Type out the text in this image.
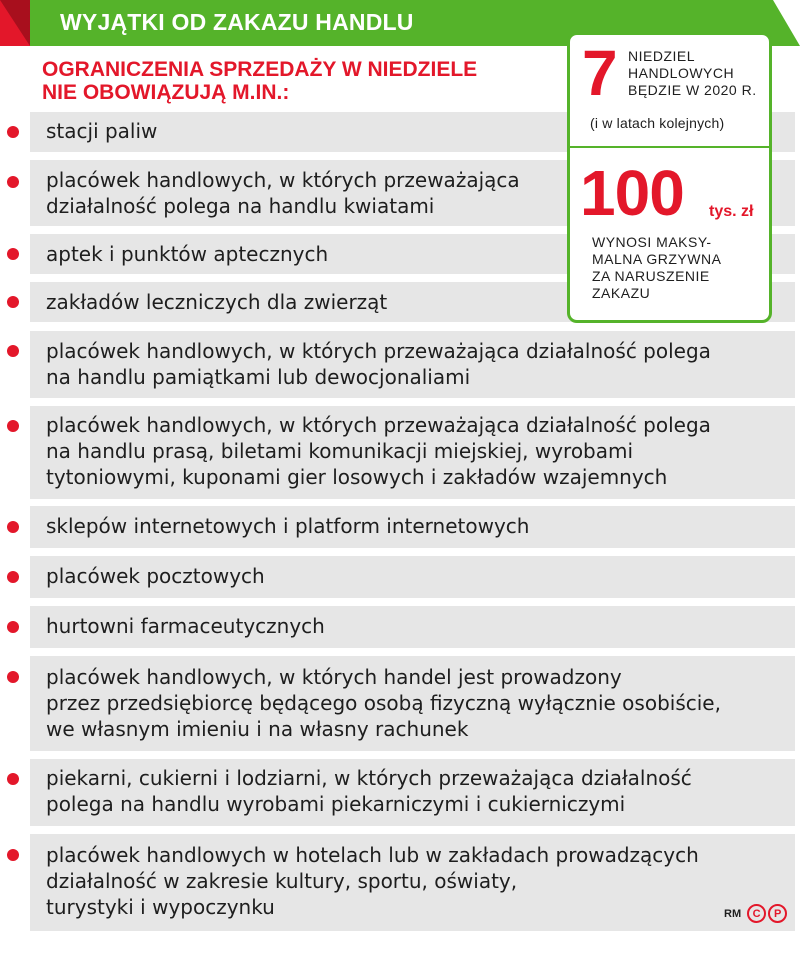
WYJĄTKI OD ZAKAZU HANDLU
OGRANICZENIA SPRZEDAŻY W NIEDZIELE
NIE OBOWIĄZUJĄ M.IN.:
stacji paliw
placówek handlowych, w których przeważająca
działalność polega na handlu kwiatami
aptek i punktów aptecznych
zakładów leczniczych dla zwierząt
placówek handlowych, w których przeważająca działalność polega
na handlu pamiątkami lub dewocjonaliami
placówek handlowych, w których przeważająca działalność polega
na handlu prasą, biletami komunikacji miejskiej, wyrobami
tytoniowymi, kuponami gier losowych i zakładów wzajemnych
sklepów internetowych i platform internetowych
placówek pocztowych
hurtowni farmaceutycznych
placówek handlowych, w których handel jest prowadzony
przez przedsiębiorcę będącego osobą fizyczną wyłącznie osobiście,
we własnym imieniu i na własny rachunek
piekarni, cukierni i lodziarni, w których przeważająca działalność
polega na handlu wyrobami piekarniczymi i cukierniczymi
placówek handlowych w hotelach lub w zakładach prowadzących
działalność w zakresie kultury, sportu, oświaty,
turystyki i wypoczynku
7 NIEDZIEL
HANDLOWYCH
BĘDZIE W 2020 R.
(i w latach kolejnych)
100 tys. zł
WYNOSI MAKSY-
MALNA GRZYWNA
ZA NARUSZENIE
ZAKAZU
RM	C	P
